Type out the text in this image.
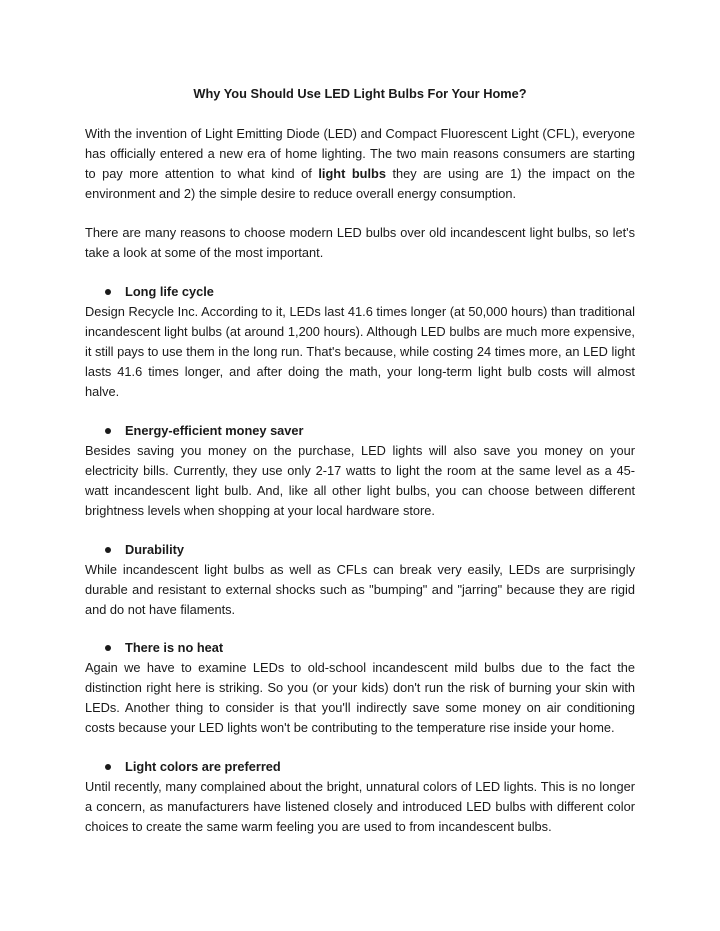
Why You Should Use LED Light Bulbs For Your Home?

With the invention of Light Emitting Diode (LED) and Compact Fluorescent Light (CFL), everyone has officially entered a new era of home lighting. The two main reasons consumers are starting to pay more attention to what kind of light bulbs they are using are 1) the impact on the environment and 2) the simple desire to reduce overall energy consumption.

There are many reasons to choose modern LED bulbs over old incandescent light bulbs, so let's take a look at some of the most important.

Long life cycle

Design Recycle Inc. According to it, LEDs last 41.6 times longer (at 50,000 hours) than traditional incandescent light bulbs (at around 1,200 hours). Although LED bulbs are much more expensive, it still pays to use them in the long run. That's because, while costing 24 times more, an LED light lasts 41.6 times longer, and after doing the math, your long-term light bulb costs will almost halve.

Energy-efficient money saver

Besides saving you money on the purchase, LED lights will also save you money on your electricity bills. Currently, they use only 2-17 watts to light the room at the same level as a 45-watt incandescent light bulb. And, like all other light bulbs, you can choose between different brightness levels when shopping at your local hardware store.

Durability

While incandescent light bulbs as well as CFLs can break very easily, LEDs are surprisingly durable and resistant to external shocks such as "bumping" and "jarring" because they are rigid and do not have filaments.

There is no heat

Again we have to examine LEDs to old-school incandescent mild bulbs due to the fact the distinction right here is striking. So you (or your kids) don't run the risk of burning your skin with LEDs. Another thing to consider is that you'll indirectly save some money on air conditioning costs because your LED lights won't be contributing to the temperature rise inside your home.

Light colors are preferred

Until recently, many complained about the bright, unnatural colors of LED lights. This is no longer a concern, as manufacturers have listened closely and introduced LED bulbs with different color choices to create the same warm feeling you are used to from incandescent bulbs.
